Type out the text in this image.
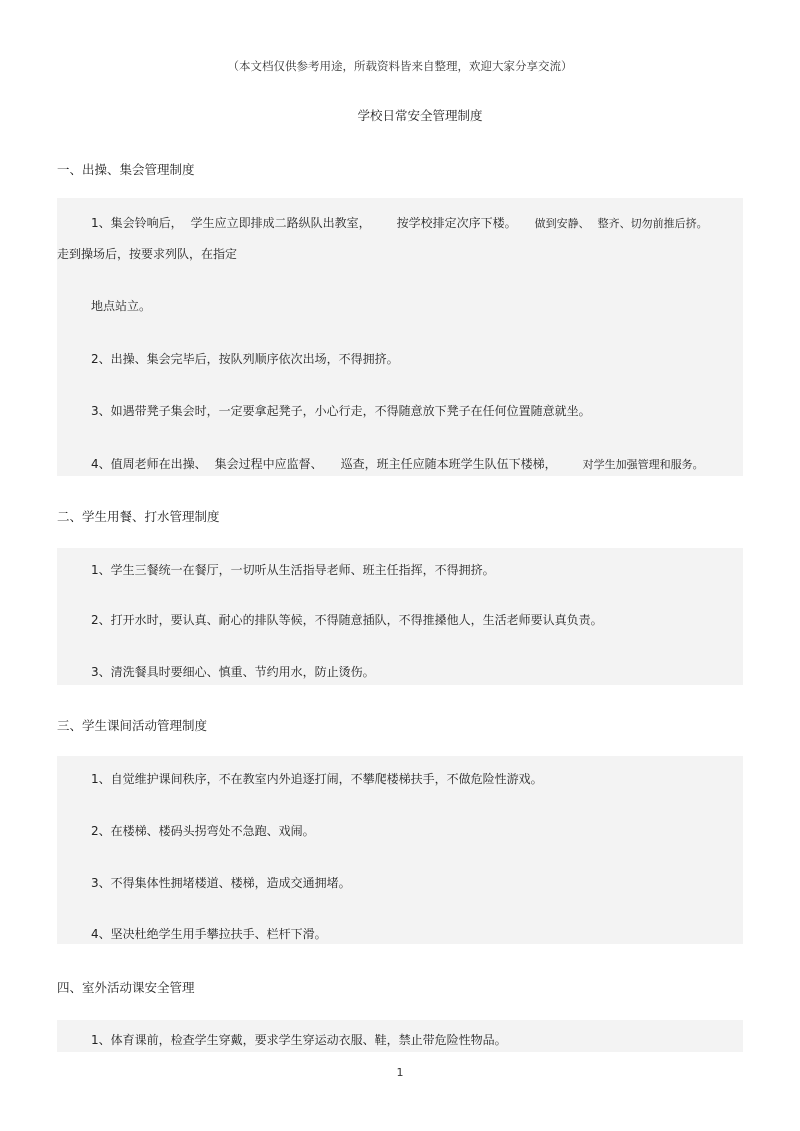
（本文档仅供参考用途，所载资料皆来自整理，欢迎大家分享交流）
学校日常安全管理制度
一、出操、集会管理制度
1、集会铃响后， 学生应立即排成二路纵队出教室， 按学校排定次序下楼。 做到安静、 整齐、切勿前推后挤。
走到操场后，按要求列队，在指定
地点站立。
2、出操、集会完毕后，按队列顺序依次出场，不得拥挤。
3、如遇带凳子集会时，一定要拿起凳子，小心行走，不得随意放下凳子在任何位置随意就坐。
4、值周老师在出操、 集会过程中应监督、 巡查，班主任应随本班学生队伍下楼梯， 对学生加强管理和服务。
二、学生用餐、打水管理制度
1、学生三餐统一在餐厅，一切听从生活指导老师、班主任指挥，不得拥挤。
2、打开水时，要认真、耐心的排队等候，不得随意插队，不得推搡他人，生活老师要认真负责。
3、清洗餐具时要细心、慎重、节约用水，防止烫伤。
三、学生课间活动管理制度
1、自觉维护课间秩序，不在教室内外追逐打闹，不攀爬楼梯扶手，不做危险性游戏。
2、在楼梯、楼码头拐弯处不急跑、戏闹。
3、不得集体性拥堵楼道、楼梯，造成交通拥堵。
4、坚决杜绝学生用手攀拉扶手、栏杆下滑。
四、室外活动课安全管理
1、体育课前，检查学生穿戴，要求学生穿运动衣服、鞋，禁止带危险性物品。
1
